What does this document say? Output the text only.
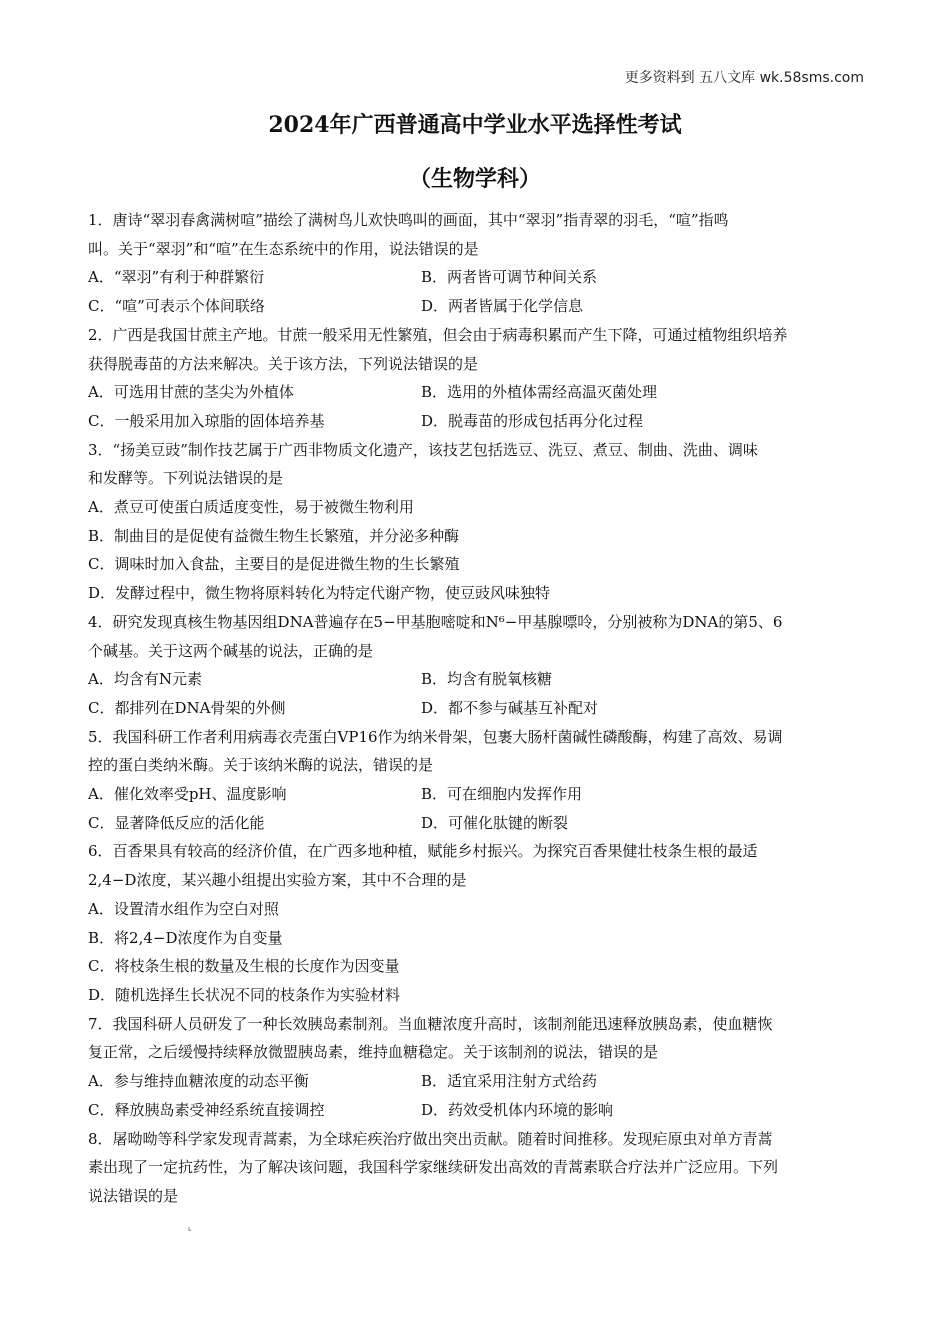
更多资料到 五八文库 wk.58sms.com
2024年广西普通高中学业水平选择性考试
（生物学科）
1．唐诗“翠羽春禽满树喧”描绘了满树鸟儿欢快鸣叫的画面，其中“翠羽”指青翠的羽毛，“喧”指鸣
叫。关于“翠羽”和“喧”在生态系统中的作用，说法错误的是
A．“翠羽”有利于种群繁衍	B．两者皆可调节种间关系
C．“喧”可表示个体间联络	D．两者皆属于化学信息
2．广西是我国甘蔗主产地。甘蔗一般采用无性繁殖，但会由于病毒积累而产生下降，可通过植物组织培养
获得脱毒苗的方法来解决。关于该方法，下列说法错误的是
A．可选用甘蔗的茎尖为外植体	B．选用的外植体需经高温灭菌处理
C．一般采用加入琼脂的固体培养基	D．脱毒苗的形成包括再分化过程
3．“扬美豆豉”制作技艺属于广西非物质文化遗产，该技艺包括选豆、洗豆、煮豆、制曲、洗曲、调味
和发酵等。下列说法错误的是
A．煮豆可使蛋白质适度变性，易于被微生物利用
B．制曲目的是促使有益微生物生长繁殖，并分泌多种酶
C．调味时加入食盐，主要目的是促进微生物的生长繁殖
D．发酵过程中，微生物将原料转化为特定代谢产物，使豆豉风味独特
4．研究发现真核生物基因组DNA普遍存在5−甲基胞嘧啶和N⁶−甲基腺嘌呤，分别被称为DNA的第5、6
个碱基。关于这两个碱基的说法，正确的是
A．均含有N元素	B．均含有脱氧核糖
C．都排列在DNA骨架的外侧	D．都不参与碱基互补配对
5．我国科研工作者利用病毒衣壳蛋白VP16作为纳米骨架，包裹大肠杆菌碱性磷酸酶，构建了高效、易调
控的蛋白类纳米酶。关于该纳米酶的说法，错误的是
A．催化效率受pH、温度影响	B．可在细胞内发挥作用
C．显著降低反应的活化能	D．可催化肽键的断裂
6．百香果具有较高的经济价值，在广西多地种植，赋能乡村振兴。为探究百香果健壮枝条生根的最适
2,4−D浓度，某兴趣小组提出实验方案，其中不合理的是
A．设置清水组作为空白对照
B．将2,4−D浓度作为自变量
C．将枝条生根的数量及生根的长度作为因变量
D．随机选择生长状况不同的枝条作为实验材料
7．我国科研人员研发了一种长效胰岛素制剂。当血糖浓度升高时，该制剂能迅速释放胰岛素，使血糖恢
复正常，之后缓慢持续释放微盟胰岛素，维持血糖稳定。关于该制剂的说法，错误的是
A．参与维持血糖浓度的动态平衡	B．适宜采用注射方式给药
C．释放胰岛素受神经系统直接调控	D．药效受机体内环境的影响
8．屠呦呦等科学家发现青蒿素，为全球疟疾治疗做出突出贡献。随着时间推移。发现疟原虫对单方青蒿
素出现了一定抗药性，为了解决该问题，我国科学家继续研发出高效的青蒿素联合疗法并广泛应用。下列
说法错误的是
ь
